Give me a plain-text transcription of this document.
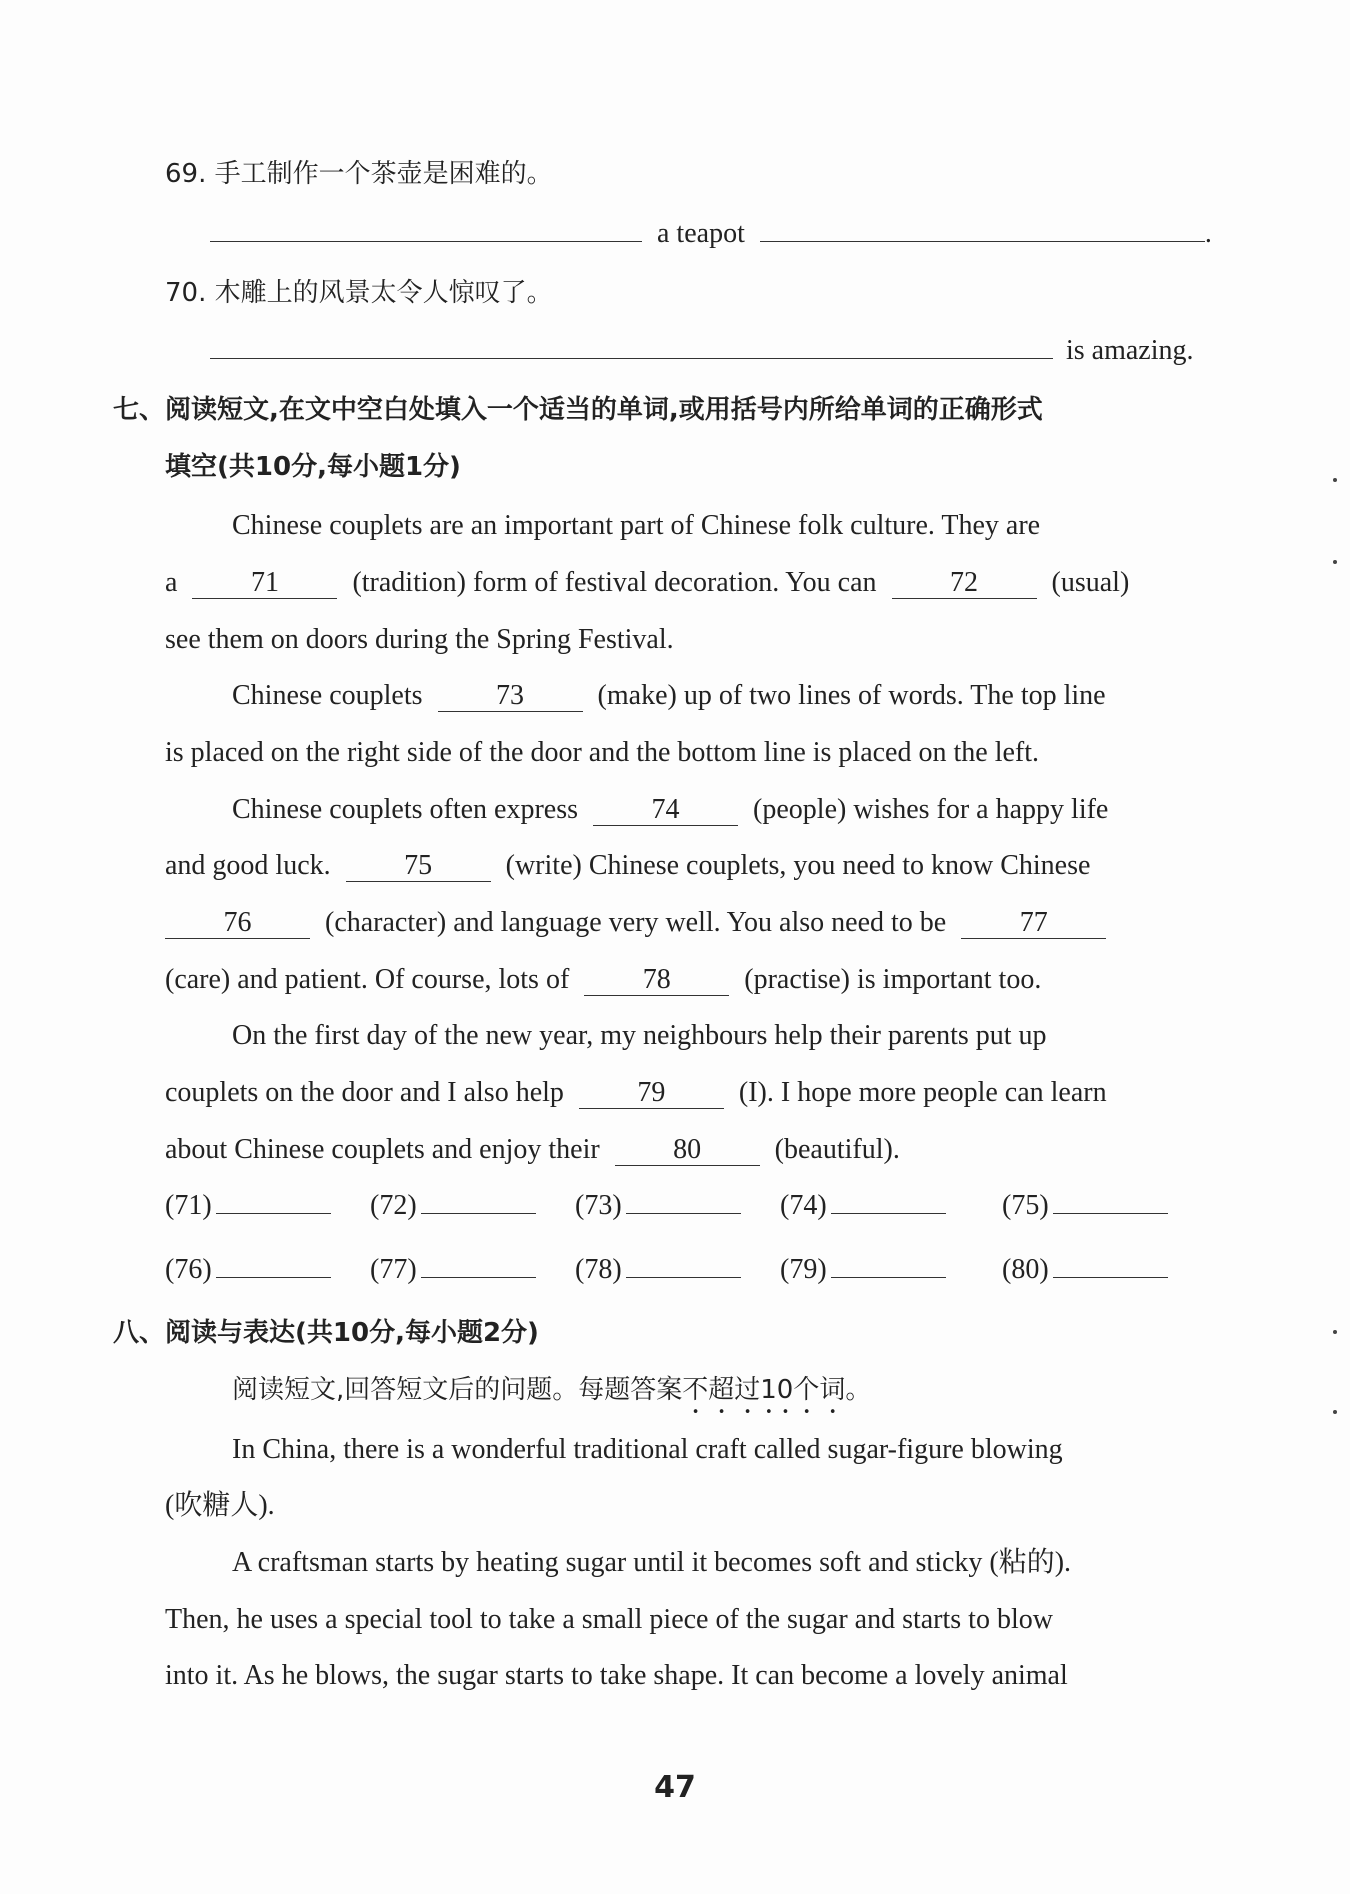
69. 手工制作一个茶壶是困难的。
a teapot	.
70. 木雕上的风景太令人惊叹了。
is amazing.
七、阅读短文,在文中空白处填入一个适当的单词,或用括号内所给单词的正确形式
填空(共10分,每小题1分)
Chinese couplets are an important part of Chinese folk culture. They are
a	71	(tradition) form of festival decoration. You can	72	(usual)
see them on doors during the Spring Festival.
Chinese couplets	73	(make) up of two lines of words. The top line
is placed on the right side of the door and the bottom line is placed on the left.
Chinese couplets often express	74	(people) wishes for a happy life
and good luck.	75	(write) Chinese couplets, you need to know Chinese
76	(character) and language very well. You also need to be	77
(care) and patient. Of course, lots of	78	(practise) is important too.
On the first day of the new year, my neighbours help their parents put up
couplets on the door and I also help	79	(I). I hope more people can learn
about Chinese couplets and enjoy their	80	(beautiful).
(71)	(72)	(73)	(74)	(75)
(76)	(77)	(78)	(79)	(80)
八、阅读与表达(共10分,每小题2分)
阅读短文,回答短文后的问题。每题答案不超过10个词。
In China, there is a wonderful traditional craft called sugar-figure blowing
(吹糖人).
A craftsman starts by heating sugar until it becomes soft and sticky (粘的).
Then, he uses a special tool to take a small piece of the sugar and starts to blow
into it. As he blows, the sugar starts to take shape. It can become a lovely animal
47
